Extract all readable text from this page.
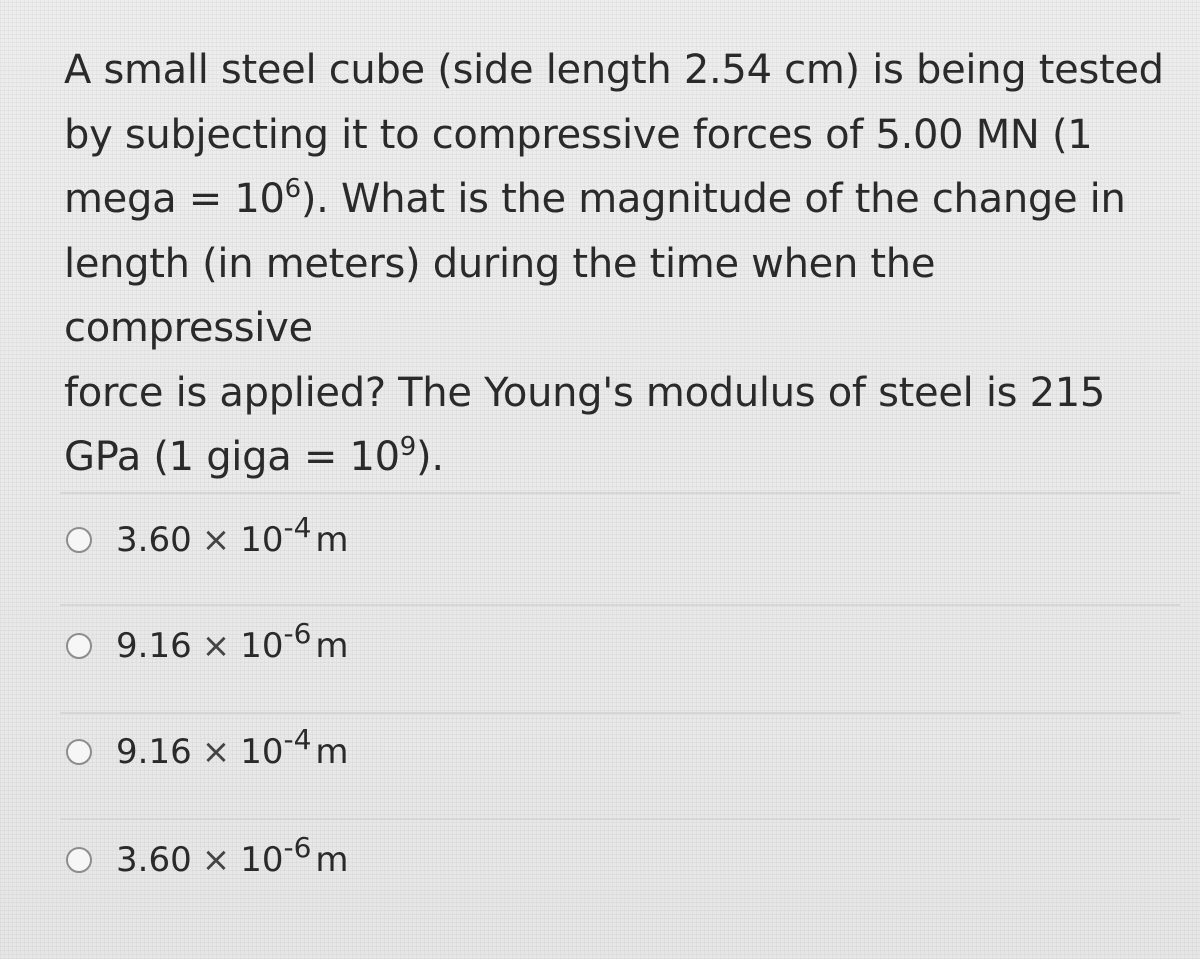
A small steel cube (side length 2.54 cm) is being tested
by subjecting it to compressive forces of 5.00 MN (1
mega = $10^6$). What is the magnitude of the change in
length (in meters) during the time when the compressive
force is applied? The Young's modulus of steel is 215
GPa (1 giga = $10^9$).
$3.60 \times 10^{-4}$ m
$9.16 \times 10^{-6}$ m
$9.16 \times 10^{-4}$ m
$3.60 \times 10^{-6}$ m
